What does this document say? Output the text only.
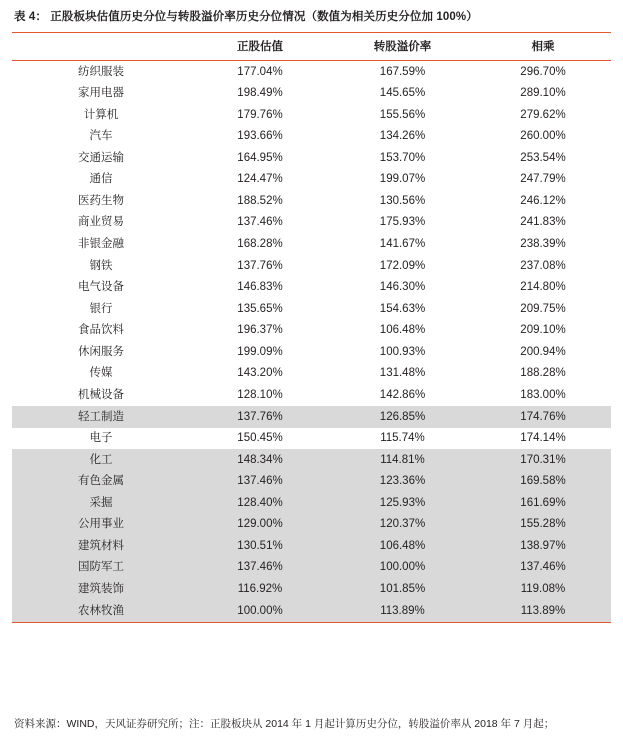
表 4： 正股板块估值历史分位与转股溢价率历史分位情况（数值为相关历史分位加 100%）
	正股估值	转股溢价率	相乘
纺织服装	177.04%	167.59%	296.70%
家用电器	198.49%	145.65%	289.10%
计算机	179.76%	155.56%	279.62%
汽车	193.66%	134.26%	260.00%
交通运输	164.95%	153.70%	253.54%
通信	124.47%	199.07%	247.79%
医药生物	188.52%	130.56%	246.12%
商业贸易	137.46%	175.93%	241.83%
非银金融	168.28%	141.67%	238.39%
钢铁	137.76%	172.09%	237.08%
电气设备	146.83%	146.30%	214.80%
银行	135.65%	154.63%	209.75%
食品饮料	196.37%	106.48%	209.10%
休闲服务	199.09%	100.93%	200.94%
传媒	143.20%	131.48%	188.28%
机械设备	128.10%	142.86%	183.00%
轻工制造	137.76%	126.85%	174.76%
电子	150.45%	115.74%	174.14%
化工	148.34%	114.81%	170.31%
有色金属	137.46%	123.36%	169.58%
采掘	128.40%	125.93%	161.69%
公用事业	129.00%	120.37%	155.28%
建筑材料	130.51%	106.48%	138.97%
国防军工	137.46%	100.00%	137.46%
建筑装饰	116.92%	101.85%	119.08%
农林牧渔	100.00%	113.89%	113.89%
资料来源：WIND，天风证券研究所；注：正股板块从 2014 年 1 月起计算历史分位，转股溢价率从 2018 年 7 月起；
